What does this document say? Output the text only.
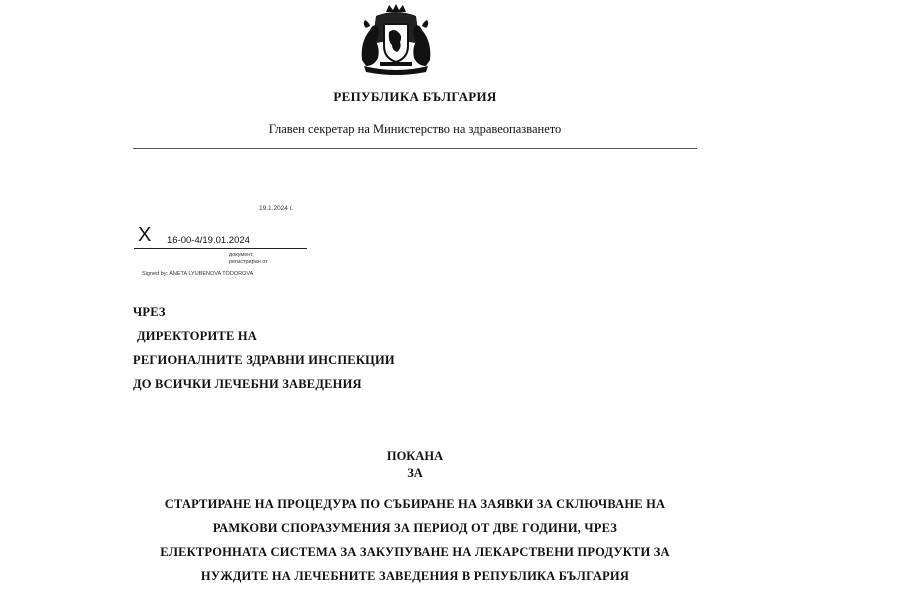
РЕПУБЛИКА БЪЛГАРИЯ
Главен секретар на Министерство на здравеопазването
19.1.2024 г.
X 16-00-4/19.01.2024
документ,
регистриран от
Signed by: ANETA LYUBENOVA TODOROVA
ЧРЕЗ
ДИРЕКТОРИТЕ НА
РЕГИОНАЛНИТЕ ЗДРАВНИ ИНСПЕКЦИИ
ДО ВСИЧКИ ЛЕЧЕБНИ ЗАВЕДЕНИЯ
ПОКАНА
ЗА
СТАРТИРАНЕ НА ПРОЦЕДУРА ПО СЪБИРАНЕ НА ЗАЯВКИ ЗА СКЛЮЧВАНЕ НА
РАМКОВИ СПОРАЗУМЕНИЯ ЗА ПЕРИОД ОТ ДВЕ ГОДИНИ, ЧРЕЗ
ЕЛЕКТРОННАТА СИСТЕМА ЗА ЗАКУПУВАНЕ НА ЛЕКАРСТВЕНИ ПРОДУКТИ ЗА
НУЖДИТЕ НА ЛЕЧЕБНИТЕ ЗАВЕДЕНИЯ В РЕПУБЛИКА БЪЛГАРИЯ
